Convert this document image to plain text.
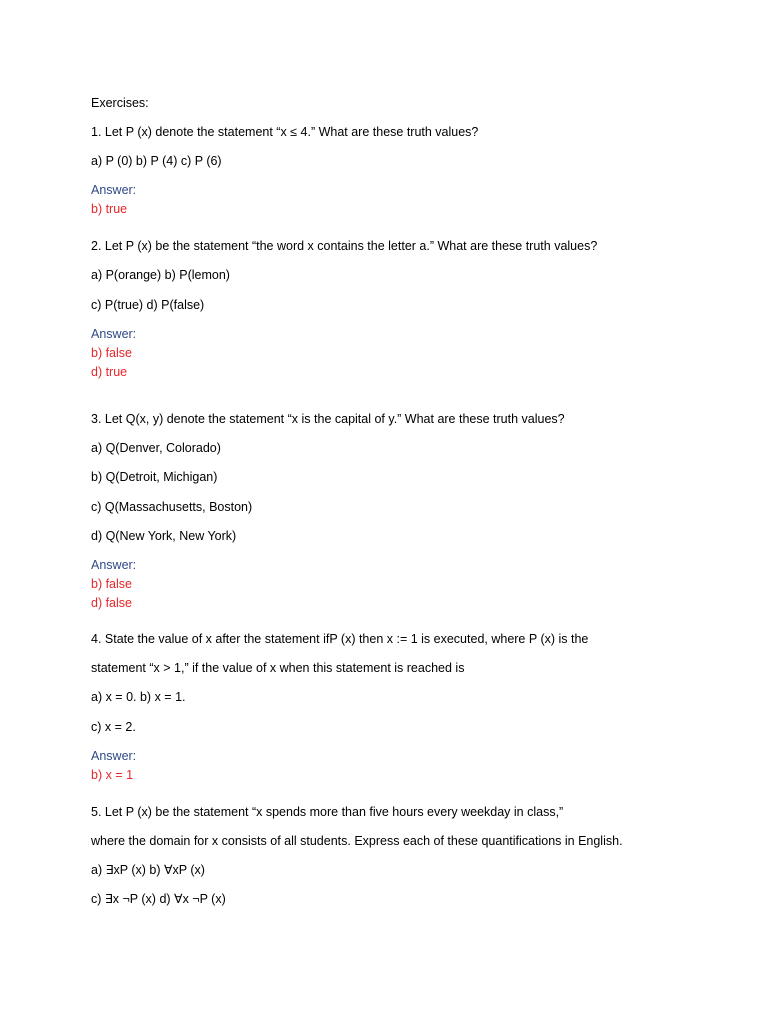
Exercises:
1. Let P (x) denote the statement “x ≤ 4.” What are these truth values?
a) P (0) b) P (4) c) P (6)
Answer:
b) true
2. Let P (x) be the statement “the word x contains the letter a.” What are these truth values?
a) P(orange) b) P(lemon)
c) P(true) d) P(false)
Answer:
b) false
d) true
3. Let Q(x, y) denote the statement “x is the capital of y.” What are these truth values?
a) Q(Denver, Colorado)
b) Q(Detroit, Michigan)
c) Q(Massachusetts, Boston)
d) Q(New York, New York)
Answer:
b) false
d) false
4. State the value of x after the statement ifP (x) then x := 1 is executed, where P (x) is the
statement “x > 1,” if the value of x when this statement is reached is
a) x = 0. b) x = 1.
c) x = 2.
Answer:
b) x = 1
5. Let P (x) be the statement “x spends more than five hours every weekday in class,”
where the domain for x consists of all students. Express each of these quantifications in English.
a) ∃xP (x) b) ∀xP (x)
c) ∃x ¬P (x) d) ∀x ¬P (x)
